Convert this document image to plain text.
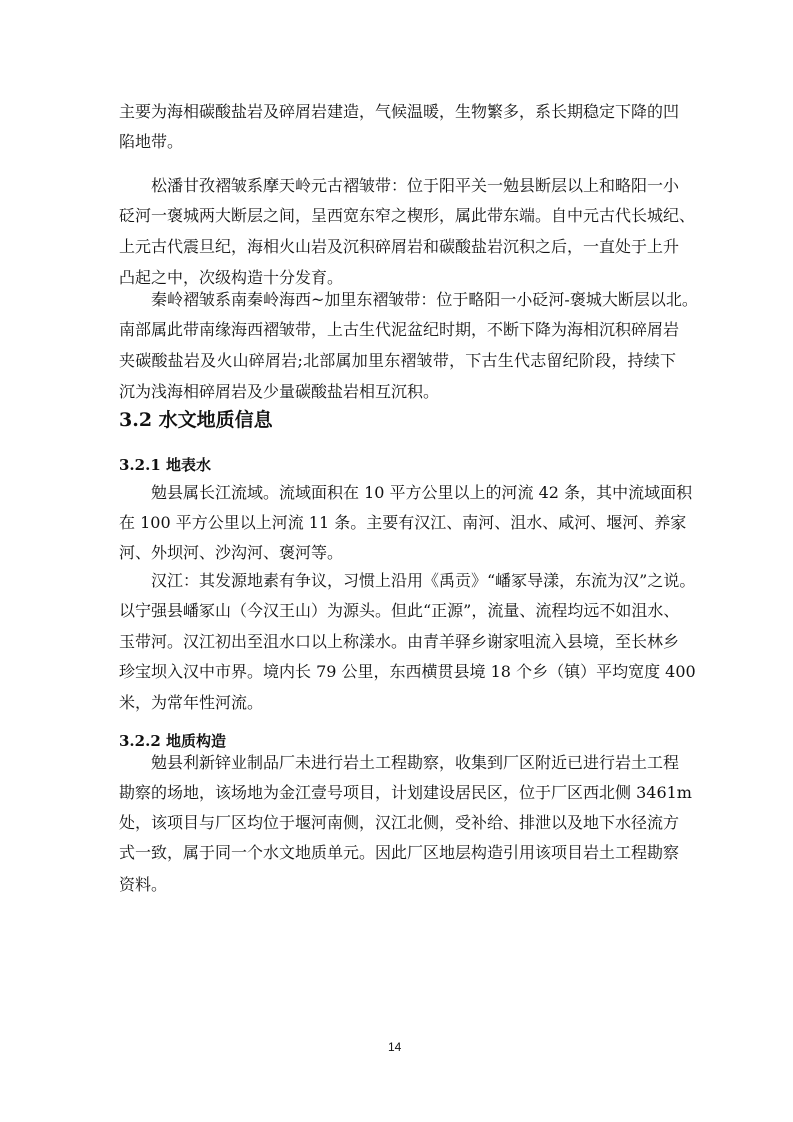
主要为海相碳酸盐岩及碎屑岩建造，气候温暖，生物繁多，系长期稳定下降的凹
陷地带。
松潘甘孜褶皱系摩天岭元古褶皱带：位于阳平关一勉县断层以上和略阳一小
砭河一褒城两大断层之间，呈西宽东窄之楔形，属此带东端。自中元古代长城纪、
上元古代震旦纪，海相火山岩及沉积碎屑岩和碳酸盐岩沉积之后，一直处于上升
凸起之中，次级构造十分发育。
秦岭褶皱系南秦岭海西~加里东褶皱带：位于略阳一小砭河-褒城大断层以北。
南部属此带南缘海西褶皱带，上古生代泥盆纪时期，不断下降为海相沉积碎屑岩
夹碳酸盐岩及火山碎屑岩;北部属加里东褶皱带，下古生代志留纪阶段，持续下
沉为浅海相碎屑岩及少量碳酸盐岩相互沉积。
3.2 水文地质信息
3.2.1 地表水
勉县属长江流域。流域面积在 10 平方公里以上的河流 42 条，其中流域面积
在 100 平方公里以上河流 11 条。主要有汉江、南河、沮水、咸河、堰河、养家
河、外坝河、沙沟河、褒河等。
汉江：其发源地素有争议，习惯上沿用《禹贡》“嶓冢导漾，东流为汉”之说。
以宁强县嶓冢山（今汉王山）为源头。但此“正源”，流量、流程均远不如沮水、
玉带河。汉江初出至沮水口以上称漾水。由青羊驿乡谢家咀流入县境，至长林乡
珍宝坝入汉中市界。境内长 79 公里，东西横贯县境 18 个乡（镇）平均宽度 400
米，为常年性河流。
3.2.2 地质构造
勉县利新锌业制品厂未进行岩土工程勘察，收集到厂区附近已进行岩土工程
勘察的场地，该场地为金江壹号项目，计划建设居民区，位于厂区西北侧 3461m
处，该项目与厂区均位于堰河南侧，汉江北侧，受补给、排泄以及地下水径流方
式一致，属于同一个水文地质单元。因此厂区地层构造引用该项目岩土工程勘察
资料。
14
